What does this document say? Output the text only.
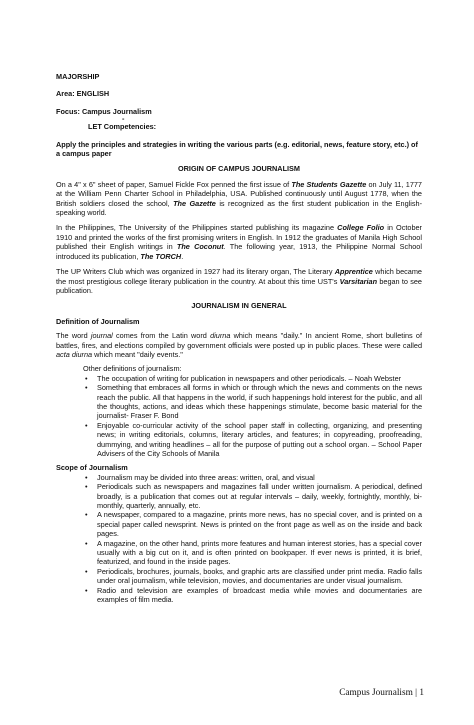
MAJORSHIP

Area: ENGLISH

Focus: Campus Journalism

-

LET Competencies:

Apply the principles and strategies in writing the various parts (e.g. editorial, news, feature story, etc.) of a campus paper

ORIGIN OF CAMPUS JOURNALISM

On a 4" x 6" sheet of paper, Samuel Fickle Fox penned the first issue of The Students Gazette on July 11, 1777 at the William Penn Charter School in Philadelphia, USA. Published continuously until August 1778, when the British soldiers closed the school, The Gazette is recognized as the first student publication in the English-speaking world.

In the Philippines, The University of the Philippines started publishing its magazine College Folio in October 1910 and printed the works of the first promising writers in English. In 1912 the graduates of Manila High School published their English writings in The Coconut. The following year, 1913, the Philippine Normal School introduced its publication, The TORCH.

The UP Writers Club which was organized in 1927 had its literary organ, The Literary Apprentice which became the most prestigious college literary publication in the country. At about this time UST's Varsitarian began to see publication.

JOURNALISM IN GENERAL

Definition of Journalism

The word journal comes from the Latin word diurna which means "daily." In ancient Rome, short bulletins of battles, fires, and elections compiled by government officials were posted up in public places. These were called acta diurna which meant "daily events."

Other definitions of journalism:

• The occupation of writing for publication in newspapers and other periodicals. – Noah Webster
• Something that embraces all forms in which or through which the news and comments on the news reach the public. All that happens in the world, if such happenings hold interest for the public, and all the thoughts, actions, and ideas which these happenings stimulate, become basic material for the journalist- Fraser F. Bond
• Enjoyable co-curricular activity of the school paper staff in collecting, organizing, and presenting news; in writing editorials, columns, literary articles, and features; in copyreading, proofreading, dummying, and writing headlines – all for the purpose of putting out a school organ. – School Paper Advisers of the City Schools of Manila

Scope of Journalism

• Journalism may be divided into three areas: written, oral, and visual
• Periodicals such as newspapers and magazines fall under written journalism. A periodical, defined broadly, is a publication that comes out at regular intervals – daily, weekly, fortnightly, monthly, bi-monthly, quarterly, annually, etc.
• A newspaper, compared to a magazine, prints more news, has no special cover, and is printed on a special paper called newsprint. News is printed on the front page as well as on the inside and back pages.
• A magazine, on the other hand, prints more features and human interest stories, has a special cover usually with a big cut on it, and is often printed on bookpaper. If ever news is printed, it is brief, featurized, and found in the inside pages.
• Periodicals, brochures, journals, books, and graphic arts are classified under print media. Radio falls under oral journalism, while television, movies, and documentaries are under visual journalism.
• Radio and television are examples of broadcast media while movies and documentaries are examples of film media.
Campus Journalism | 1
